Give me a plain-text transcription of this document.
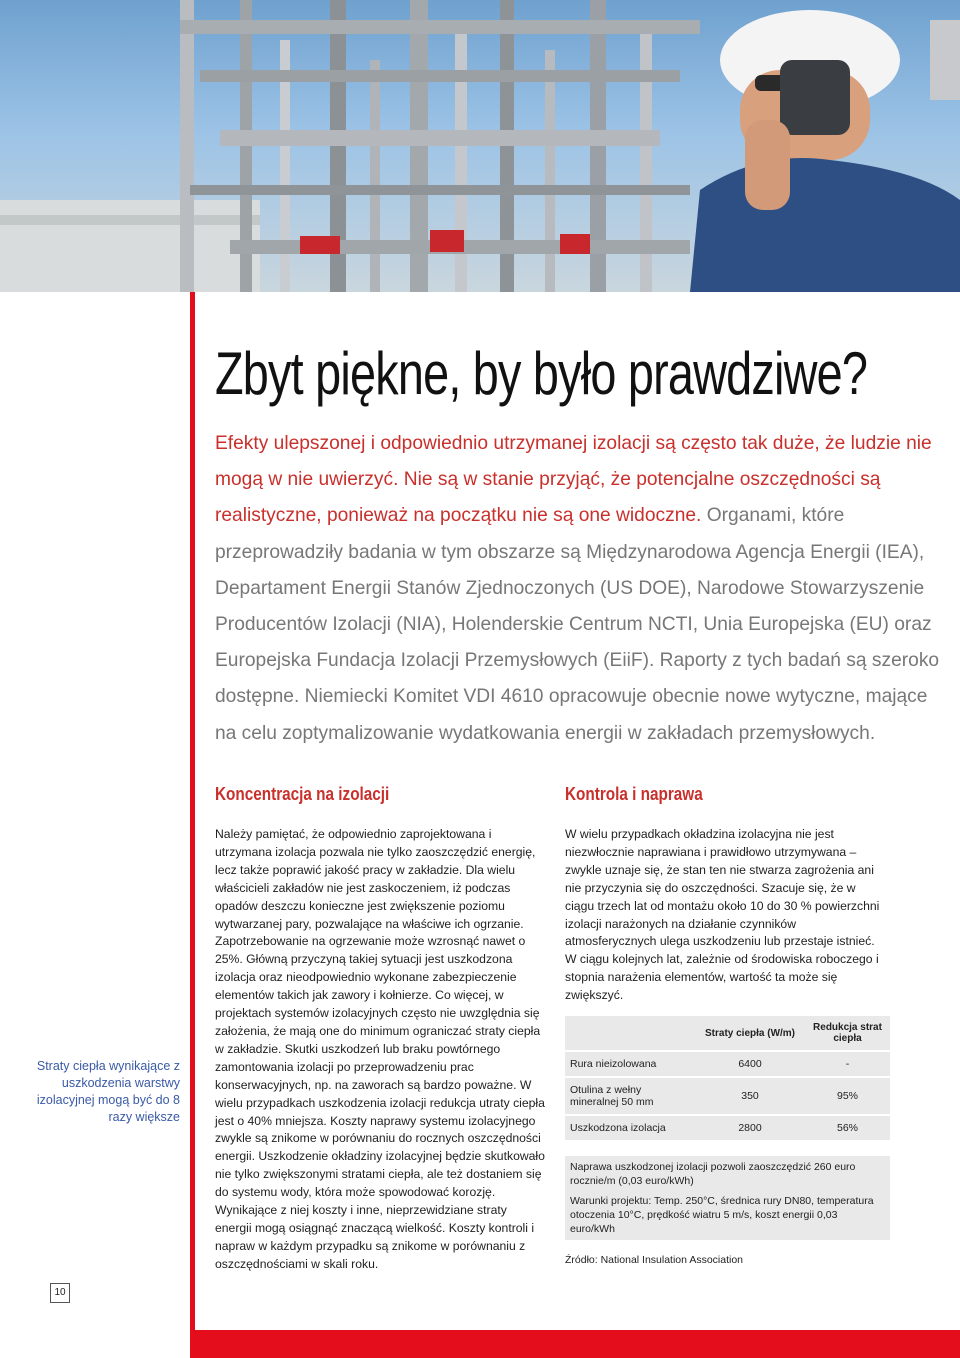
Zbyt piękne, by było prawdziwe?

Efekty ulepszonej i odpowiednio utrzymanej izolacji są często tak duże, że ludzie nie mogą w nie uwierzyć. Nie są w stanie przyjąć, że potencjalne oszczędności są realistyczne, ponieważ na początku nie są one widoczne. Organami, które przeprowadziły badania w tym obszarze są Międzynarodowa Agencja Energii (IEA), Departament Energii Stanów Zjednoczonych (US DOE), Narodowe Stowarzyszenie Producentów Izolacji (NIA), Holenderskie Centrum NCTI, Unia Europejska (EU) oraz Europejska Fundacja Izolacji Przemysłowych (EiiF). Raporty z tych badań są szeroko dostępne. Niemiecki Komitet VDI 4610 opracowuje obecnie nowe wytyczne, mające na celu zoptymalizowanie wydatkowania energii w zakładach przemysłowych.

Koncentracja na izolacji

Należy pamiętać, że odpowiednio zaprojektowana i utrzymana izolacja pozwala nie tylko zaoszczędzić energię, lecz także poprawić jakość pracy w zakładzie. Dla wielu właścicieli zakładów nie jest zaskoczeniem, iż podczas opadów deszczu konieczne jest zwiększenie poziomu wytwarzanej pary, pozwalające na właściwe ich ogrzanie. Zapotrzebowanie na ogrzewanie może wzrosnąć nawet o 25%. Główną przyczyną takiej sytuacji jest uszkodzona izolacja oraz nieodpowiednio wykonane zabezpieczenie elementów takich jak zawory i kołnierze. Co więcej, w projektach systemów izolacyjnych często nie uwzględnia się założenia, że mają one do minimum ograniczać straty ciepła w zakładzie. Skutki uszkodzeń lub braku powtórnego zamontowania izolacji po przeprowadzeniu prac konserwacyjnych, np. na zaworach są bardzo poważne. W wielu przypadkach uszkodzenia izolacji redukcja utraty ciepła jest o 40% mniejsza. Koszty naprawy systemu izolacyjnego zwykle są znikome w porównaniu do rocznych oszczędności energii. Uszkodzenie okładziny izolacyjnej będzie skutkowało nie tylko zwiększonymi stratami ciepła, ale też dostaniem się do systemu wody, która może spowodować korozję. Wynikające z niej koszty i inne, nieprzewidziane straty energii mogą osiągnąć znaczącą wielkość. Koszty kontroli i napraw w każdym przypadku są znikome w porównaniu z oszczędnościami w skali roku.

Kontrola i naprawa

W wielu przypadkach okładzina izolacyjna nie jest niezwłocznie naprawiana i prawidłowo utrzymywana – zwykle uznaje się, że stan ten nie stwarza zagrożenia ani nie przyczynia się do oszczędności. Szacuje się, że w ciągu trzech lat od montażu około 10 do 30 % powierzchni izolacji narażonych na działanie czynników atmosferycznych ulega uszkodzeniu lub przestaje istnieć. W ciągu kolejnych lat, zależnie od środowiska roboczego i stopnia narażenia elementów, wartość ta może się zwiększyć.

Straty ciepła wynikające z uszkodzenia warstwy izolacyjnej mogą być do 8 razy większe

10
	Straty ciepła (W/m)	Redukcja strat ciepła
Rura nieizolowana	6400	-
Otulina z wełny mineralnej 50 mm	350	95%
Uszkodzona izolacja	2800	56%

Naprawa uszkodzonej izolacji pozwoli zaoszczędzić 260 euro rocznie/m (0,03 euro/kWh)

Warunki projektu: Temp. 250°C, średnica rury DN80, temperatura otoczenia 10°C, prędkość wiatru 5 m/s, koszt energii 0,03 euro/kWh

Źródło: National Insulation Association
